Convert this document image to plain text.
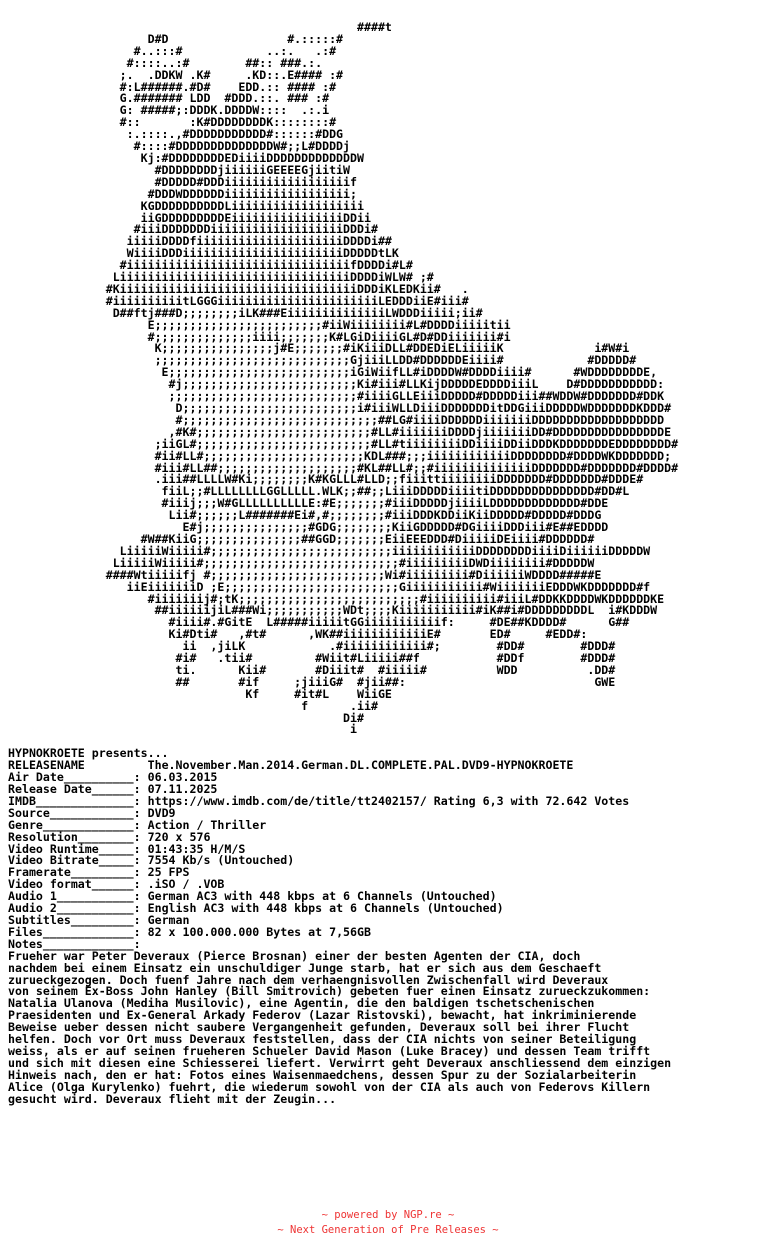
####t
D#D                 #.:::::#
#..:::#            ..:.   .:#
#::::..:#        ##:: ###.:.
;.  .DDKW .K#     .KD::.E#### :#
#:L######.#D#    EDD.:: #### :#
G.####### LDD  #DDD.::. ### :#
G: #####;:DDDK.DDDDW::::  .:.i
#::       :K#DDDDDDDDK::::::::#
:.::::.,#DDDDDDDDDDD#::::::#DDG
#::::#DDDDDDDDDDDDDDW#;;L#DDDDj
Kj:#DDDDDDDDEDiiiiDDDDDDDDDDDDDW
#DDDDDDDDjiiiiiiGEEEEGjiitiW
#DDDDD#DDDiiiiiiiiiiiiiiiiiif
#DDDWDDDDDDiiiiiiiiiiiiiiiiii;
KGDDDDDDDDDDLiiiiiiiiiiiiiiiiiii
iiGDDDDDDDDDEiiiiiiiiiiiiiiiiDDii
#iiiDDDDDDDiiiiiiiiiiiiiiiiiiiDDDi#
iiiiiDDDDfiiiiiiiiiiiiiiiiiiiiiDDDDi##
WiiiiDDDiiiiiiiiiiiiiiiiiiiiiiiDDDDDtLK
#iiiiiiiiiiiiiiiiiiiiiiiiiiiiiiiifDDDDi#L#
LiiiiiiiiiiiiiiiiiiiiiiiiiiiiiiiiiDDDDiWLW# ;#
#KiiiiiiiiiiiiiiiiiiiiiiiiiiiiiiiiiiDDDiKLEDKii#   .
#iiiiiiiiiitLGGGiiiiiiiiiiiiiiiiiiiiiiiLEDDDiiE#iii#
D##ftj###D;;;;;;;;iLK###EiiiiiiiiiiiiiiLWDDDiiiii;ii#
E;;;;;;;;;;;;;;;;;;;;;;;;#iiWiiiiiiii#L#DDDDiiiiitii
#;;;;;;;;;;;;;;iiii;;;;;;;K#LGiDiiiiGL#D#DDiiiiiii#i
K;;;;;;;;;;;;;;;;j#E;;;;;;;#iKiiiDLL#DDEDiELiiiiiK             i#W#i
;;;;;;;;;;;;;;;;;;;;;;;;;;;;GjiiiLLDD#DDDDDDEiiii#            #DDDDD#
E;;;;;;;;;;;;;;;;;;;;;;;;;;iGiWiifLL#iDDDDW#DDDDiiii#      #WDDDDDDDDE,
#j;;;;;;;;;;;;;;;;;;;;;;;;;Ki#iii#LLKijDDDDDEDDDDiiiL    D#DDDDDDDDDDD:
;;;;;;;;;;;;;;;;;;;;;;;;;;;#iiiiGLLEiiiDDDDD#DDDDDiii##WDDW#DDDDDDD#DDK
D;;;;;;;;;;;;;;;;;;;;;;;;;i#iiiWLLDiiiDDDDDDDitDDGiiiDDDDDWDDDDDDDKDDD#
#;;;;;;;;;;;;;;;;;;;;;;;;;;;;##LG#iiiiDDDDDDiiiiiiiDDDDDDDDDDDDDDDDDDD
,#K#;;;;;;;;;;;;;;;;;;;;;;;;;#LL#iiiiiiiDDDDjiiiiiiiDD#DDDDDDDDDDDDDDDDE
;iiGL#;;;;;;;;;;;;;;;;;;;;;;;;;#LL#tiiiiiiiiDDiiiiDDiiDDDKDDDDDDDEDDDDDDDD#
#ii#LL#;;;;;;;;;;;;;;;;;;;;;;;KDL###;;;iiiiiiiiiiiiDDDDDDDD#DDDDWKDDDDDDD;
#iii#LL##;;;;;;;;;;;;;;;;;;;;#KL##LL#;;#iiiiiiiiiiiiiiDDDDDDD#DDDDDDD#DDDD#
.iii##LLLLW#Ki;;;;;;;;K#KGLLL#LLD;;fiiittiiiiiiiiDDDDDDD#DDDDDDD#DDDE#
fiiL;;#LLLLLLLLGGLLLLL.WLK;;##;;LiiiDDDDDiiiitiDDDDDDDDDDDDDDD#DD#L
#iiij;;;W#GLLLLLLLLLLE:#E;;;;;;;#iiiDDDDDjiiiiLDDDDDDDDDDDDD#DDE
Lii#;;;;;;L#######Ei#,#;;;;;;;;#iiiDDDKDDiiKiiDDDDD#DDDDD#DDDG
E#j;;;;;;;;;;;;;;;#GDG;;;;;;;;KiiGDDDDD#DGiiiiDDDiii#E##EDDDD
#W##KiiG;;;;;;;;;;;;;;;##GGD;;;;;;;EiiEEEDDD#DiiiiiDEiiii#DDDDDD#
LiiiiiWiiiii#;;;;;;;;;;;;;;;;;;;;;;;;;;iiiiiiiiiiiiDDDDDDDDiiiiDiiiiiiDDDDDW
LiiiiiWiiiii#;;;;;;;;;;;;;;;;;;;;;;;;;;;;#iiiiiiiiiDWDiiiiiiii#DDDDDW
####Wtiiiiifj #;;;;;;;;;;;;;;;;;;;;;;;;;Wi#iiiiiiiii#DiiiiiiWDDDD#####E
iiEiiiiiiiD ;E;;;;;;;;;;;;;;;;;;;;;;;;;Giiiiiiiiiii#WiiiiiiiEDDDWKDDDDDDD#f
#iiiiiiij#;tK;;;;;;;;;;;;;;;;;;;;;;;;;;#iiiiiiiiii#iiiL#DDKKDDDDWKDDDDDDKE
##iiiiiijiL###Wi;;;;;;;;;;;WDt;;;;Kiiiiiiiiiii#iK##i#DDDDDDDDDL  i#KDDDW
#iiii#.#GitE  L#####iiiiitGGiiiiiiiiiiif:     #DE##KDDDD#      G##
Ki#Dti#   ,#t#      ,WK##iiiiiiiiiiiiE#       ED#     #EDD#:
ii  ,jiLK            .#iiiiiiiiiiii#;        #DD#        #DDD#
#i#   .tii#         #Wiit#Liiiii##f           #DDf        #DDD#
ti.      Kii#       #Diiit#  #iiiii#          WDD          .DD#
##       #if     ;jiiiG#  #jii##:                           GWE
Kf     #it#L    WiiGE
f      .ii#
Di#
i

HYPNOKROETE presents...
RELEASENAME	The.November.Man.2014.German.DL.COMPLETE.PAL.DVD9-HYPNOKROETE
Air Date__________: 06.03.2015
Release Date______: 07.11.2025
IMDB______________: https://www.imdb.com/de/title/tt2402157/ Rating 6,3 with 72.642 Votes
Source____________: DVD9
Genre_____________: Action / Thriller
Resolution________: 720 x 576
Video Runtime_____: 01:43:35 H/M/S
Video Bitrate_____: 7554 Kb/s (Untouched)
Framerate_________: 25 FPS
Video format______: .iSO / .VOB
Audio 1___________: German AC3 with 448 kbps at 6 Channels (Untouched)
Audio 2___________: English AC3 with 448 kbps at 6 Channels (Untouched)
Subtitles_________: German
Files_____________: 82 x 100.000.000 Bytes at 7,56GB
Notes_____________:
Frueher war Peter Deveraux (Pierce Brosnan) einer der besten Agenten der CIA, doch
nachdem bei einem Einsatz ein unschuldiger Junge starb, hat er sich aus dem Geschaeft
zurueckgezogen. Doch fuenf Jahre nach dem verhaengnisvollen Zwischenfall wird Deveraux
von seinem Ex-Boss John Hanley (Bill Smitrovich) gebeten fuer einen Einsatz zurueckzukommen:
Natalia Ulanova (Mediha Musilovic), eine Agentin, die den baldigen tschetschenischen
Praesidenten und Ex-General Arkady Federov (Lazar Ristovski), bewacht, hat inkriminierende
Beweise ueber dessen nicht saubere Vergangenheit gefunden, Deveraux soll bei ihrer Flucht
helfen. Doch vor Ort muss Deveraux feststellen, dass der CIA nichts von seiner Beteiligung
weiss, als er auf seinen frueheren Schueler David Mason (Luke Bracey) und dessen Team trifft
und sich mit diesen eine Schiesserei liefert. Verwirrt geht Deveraux anschliessend dem einzigen
Hinweis nach, den er hat: Fotos eines Waisenmaedchens, dessen Spur zu der Sozialarbeiterin
Alice (Olga Kurylenko) fuehrt, die wiederum sowohl von der CIA als auch von Federovs Killern
gesucht wird. Deveraux flieht mit der Zeugin...
~ powered by NGP.re ~
~ Next Generation of Pre Releases ~
